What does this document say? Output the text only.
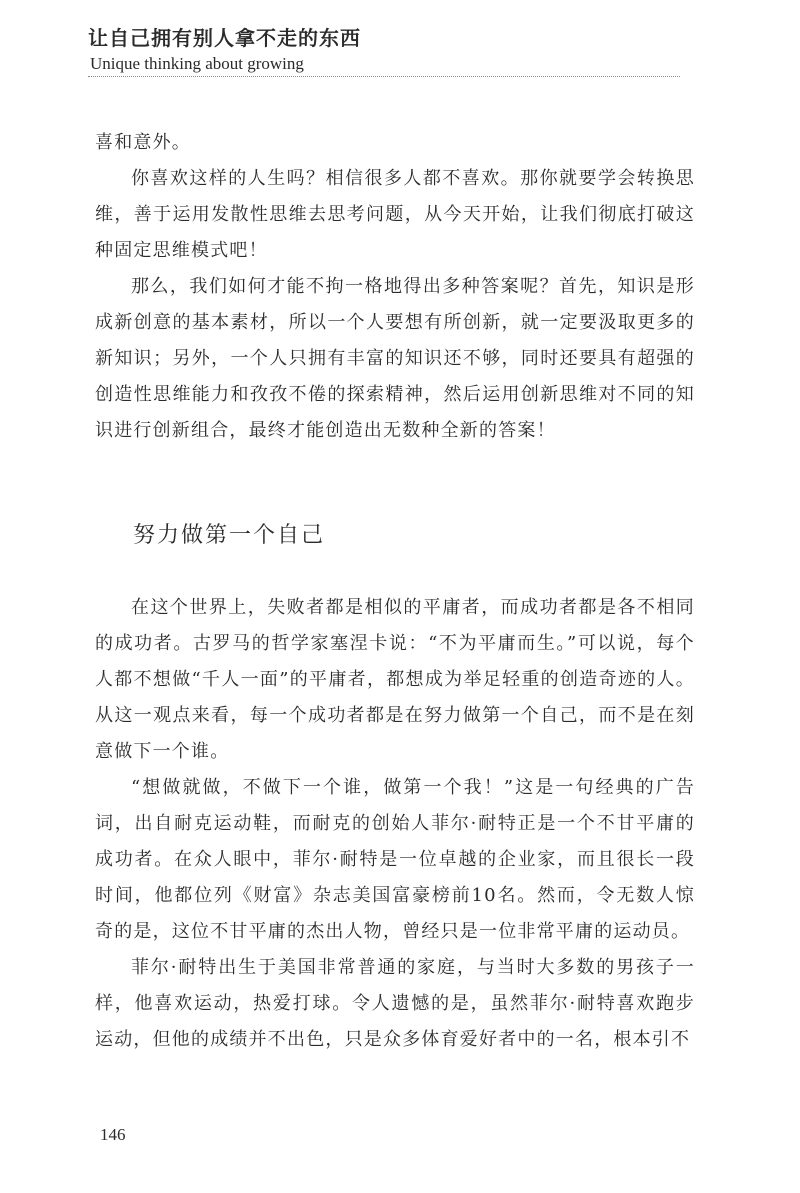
让自己拥有别人拿不走的东西
Unique thinking about growing

喜和意外。

你喜欢这样的人生吗？相信很多人都不喜欢。那你就要学会转换思维，善于运用发散性思维去思考问题，从今天开始，让我们彻底打破这种固定思维模式吧！

那么，我们如何才能不拘一格地得出多种答案呢？首先，知识是形成新创意的基本素材，所以一个人要想有所创新，就一定要汲取更多的新知识；另外，一个人只拥有丰富的知识还不够，同时还要具有超强的创造性思维能力和孜孜不倦的探索精神，然后运用创新思维对不同的知识进行创新组合，最终才能创造出无数种全新的答案！

努力做第一个自己

在这个世界上，失败者都是相似的平庸者，而成功者都是各不相同的成功者。古罗马的哲学家塞涅卡说：“不为平庸而生。”可以说，每个人都不想做“千人一面”的平庸者，都想成为举足轻重的创造奇迹的人。从这一观点来看，每一个成功者都是在努力做第一个自己，而不是在刻意做下一个谁。

“想做就做，不做下一个谁，做第一个我！”这是一句经典的广告词，出自耐克运动鞋，而耐克的创始人菲尔·耐特正是一个不甘平庸的成功者。在众人眼中，菲尔·耐特是一位卓越的企业家，而且很长一段时间，他都位列《财富》杂志美国富豪榜前10名。然而，令无数人惊奇的是，这位不甘平庸的杰出人物，曾经只是一位非常平庸的运动员。

菲尔·耐特出生于美国非常普通的家庭，与当时大多数的男孩子一样，他喜欢运动，热爱打球。令人遗憾的是，虽然菲尔·耐特喜欢跑步运动，但他的成绩并不出色，只是众多体育爱好者中的一名，根本引不

146
